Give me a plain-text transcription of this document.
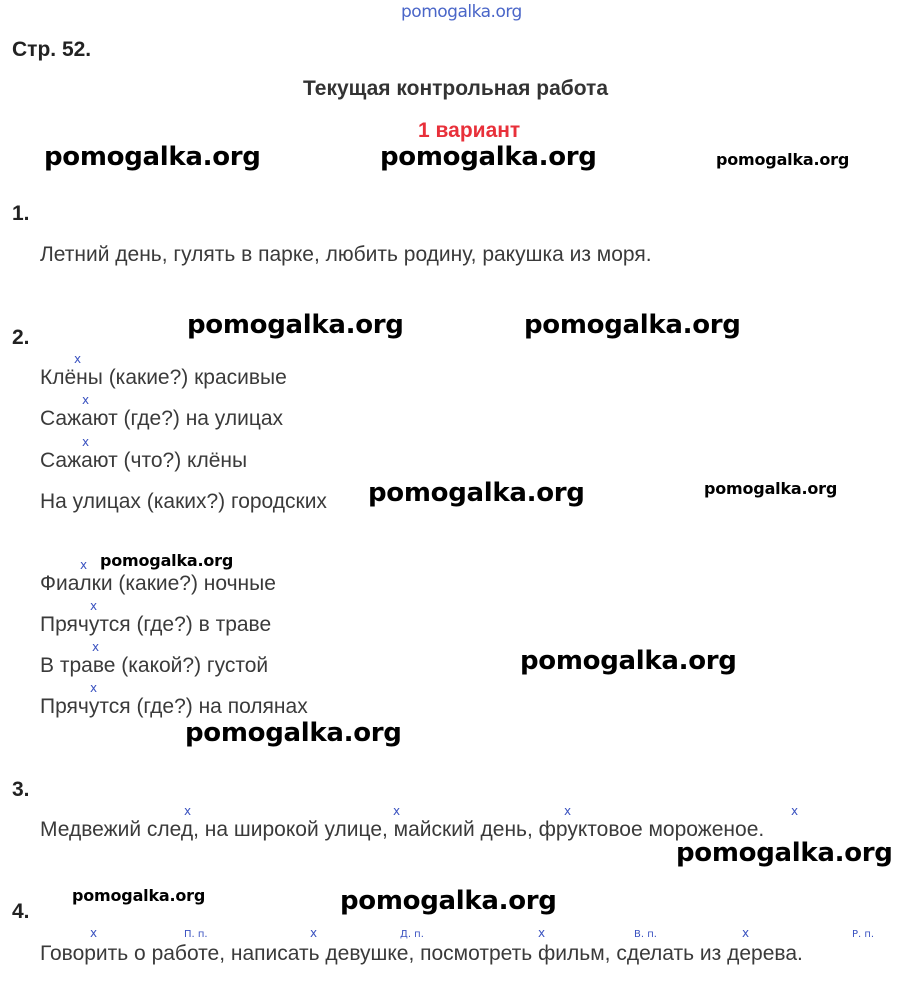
pomogalka.org
Стр. 52.
Текущая контрольная работа
1 вариант
pomogalka.org	pomogalka.org	pomogalka.org
pomogalka.org	pomogalka.org
pomogalka.org	pomogalka.org
pomogalka.org
pomogalka.org
pomogalka.org
pomogalka.org
pomogalka.org	pomogalka.org
1.
Летний день, гулять в парке, любить родину, ракушка из моря.
2.
x
Клёны (какие?) красивые
x
Сажают (где?) на улицах
x
Сажают (что?) клёны
На улицах (каких?) городских
x
Фиалки (какие?) ночные
x
Прячутся (где?) в траве
x
В траве (какой?) густой
x
Прячутся (где?) на полянах
3.
x	x	x	x
Медвежий след, на широкой улице, майский день, фруктовое мороженое.
4.
x	П. п.	x	Д. п.	x	В. п.	x	Р. п.
Говорить о работе, написать девушке, посмотреть фильм, сделать из дерева.
